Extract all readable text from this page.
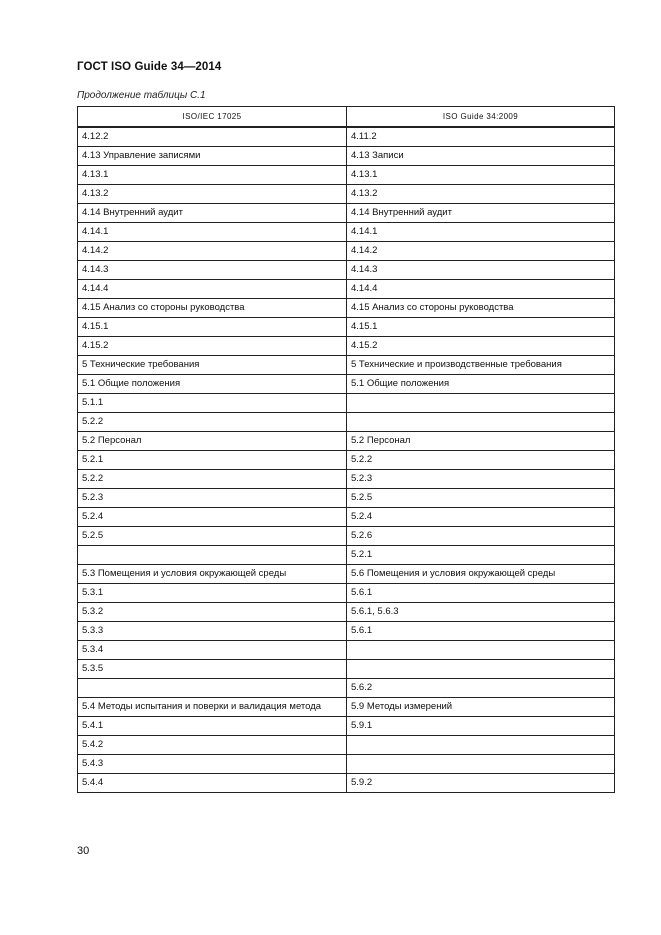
ГОСТ ISO Guide 34—2014
Продолжение таблицы С.1
ISO/IEC 17025	ISO Guide 34:2009
4.12.2	4.11.2
4.13 Управление записями	4.13 Записи
4.13.1	4.13.1
4.13.2	4.13.2
4.14 Внутренний аудит	4.14 Внутренний аудит
4.14.1	4.14.1
4.14.2	4.14.2
4.14.3	4.14.3
4.14.4	4.14.4
4.15 Анализ со стороны руководства	4.15 Анализ со стороны руководства
4.15.1	4.15.1
4.15.2	4.15.2
5 Технические требования	5 Технические и производственные требования
5.1 Общие положения	5.1 Общие положения
5.1.1	
5.2.2	
5.2 Персонал	5.2 Персонал
5.2.1	5.2.2
5.2.2	5.2.3
5.2.3	5.2.5
5.2.4	5.2.4
5.2.5	5.2.6
	5.2.1
5.3 Помещения и условия окружающей среды	5.6 Помещения и условия окружающей среды
5.3.1	5.6.1
5.3.2	5.6.1, 5.6.3
5.3.3	5.6.1
5.3.4	
5.3.5	
	5.6.2
5.4 Методы испытания и поверки и валидация метода	5.9 Методы измерений
5.4.1	5.9.1
5.4.2	
5.4.3	
5.4.4	5.9.2
30
